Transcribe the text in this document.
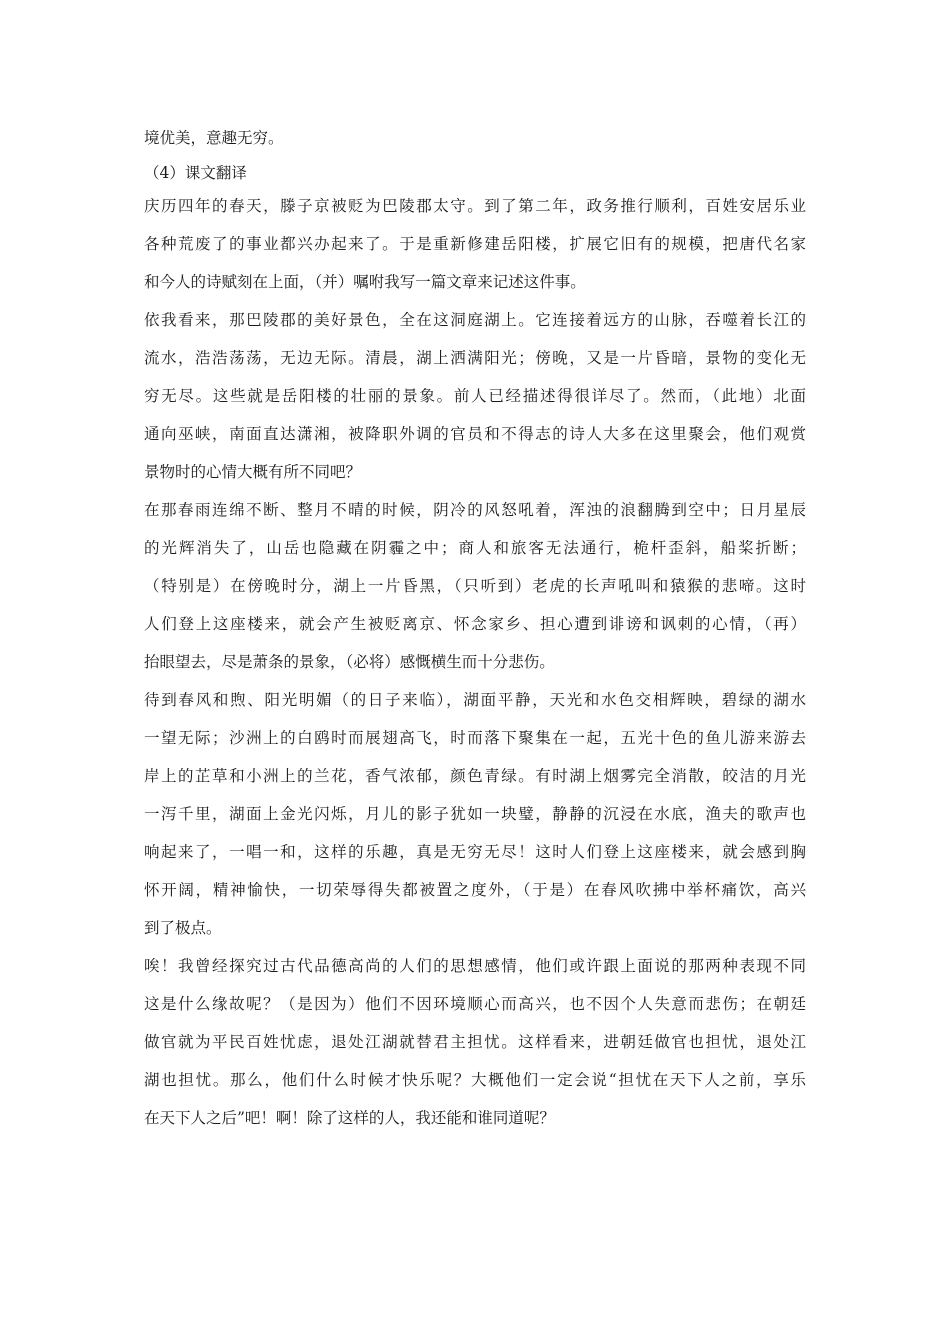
境优美，意趣无穷。
（4）课文翻译
庆历四年的春天，滕子京被贬为巴陵郡太守。到了第二年，政务推行顺利，百姓安居乐业
各种荒废了的事业都兴办起来了。于是重新修建岳阳楼，扩展它旧有的规模，把唐代名家
和今人的诗赋刻在上面，（并）嘱咐我写一篇文章来记述这件事。
依我看来，那巴陵郡的美好景色，全在这洞庭湖上。它连接着远方的山脉，吞噬着长江的
流水，浩浩荡荡，无边无际。清晨，湖上洒满阳光；傍晚，又是一片昏暗，景物的变化无
穷无尽。这些就是岳阳楼的壮丽的景象。前人已经描述得很详尽了。然而，（此地）北面
通向巫峡，南面直达潇湘，被降职外调的官员和不得志的诗人大多在这里聚会，他们观赏
景物时的心情大概有所不同吧？
在那春雨连绵不断、整月不晴的时候，阴冷的风怒吼着，浑浊的浪翻腾到空中；日月星辰
的光辉消失了，山岳也隐藏在阴霾之中；商人和旅客无法通行，桅杆歪斜，船桨折断；
（特别是）在傍晚时分，湖上一片昏黑，（只听到）老虎的长声吼叫和猿猴的悲啼。这时
人们登上这座楼来，就会产生被贬离京、怀念家乡、担心遭到诽谤和讽刺的心情，（再）
抬眼望去，尽是萧条的景象，（必将）感慨横生而十分悲伤。
待到春风和煦、阳光明媚（的日子来临），湖面平静，天光和水色交相辉映，碧绿的湖水
一望无际；沙洲上的白鸥时而展翅高飞，时而落下聚集在一起，五光十色的鱼儿游来游去
岸上的芷草和小洲上的兰花，香气浓郁，颜色青绿。有时湖上烟雾完全消散，皎洁的月光
一泻千里，湖面上金光闪烁，月儿的影子犹如一块璧，静静的沉浸在水底，渔夫的歌声也
响起来了，一唱一和，这样的乐趣，真是无穷无尽！这时人们登上这座楼来，就会感到胸
怀开阔，精神愉快，一切荣辱得失都被置之度外，（于是）在春风吹拂中举杯痛饮，高兴
到了极点。
唉！我曾经探究过古代品德高尚的人们的思想感情，他们或许跟上面说的那两种表现不同
这是什么缘故呢？（是因为）他们不因环境顺心而高兴，也不因个人失意而悲伤；在朝廷
做官就为平民百姓忧虑，退处江湖就替君主担忧。这样看来，进朝廷做官也担忧，退处江
湖也担忧。那么，他们什么时候才快乐呢？大概他们一定会说“担忧在天下人之前，享乐
在天下人之后”吧！啊！除了这样的人，我还能和谁同道呢？
